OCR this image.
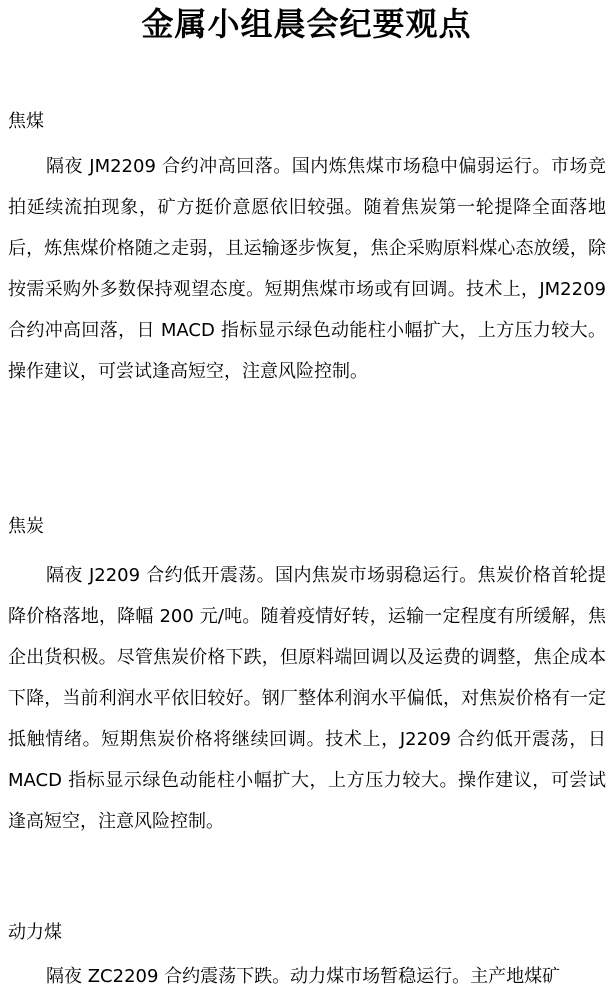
金属小组晨会纪要观点
焦煤

隔夜 JM2209 合约冲高回落。国内炼焦煤市场稳中偏弱运行。市场竞拍延续流拍现象，矿方挺价意愿依旧较强。随着焦炭第一轮提降全面落地后，炼焦煤价格随之走弱，且运输逐步恢复，焦企采购原料煤心态放缓，除按需采购外多数保持观望态度。短期焦煤市场或有回调。技术上，JM2209 合约冲高回落，日 MACD 指标显示绿色动能柱小幅扩大，上方压力较大。操作建议，可尝试逢高短空，注意风险控制。

焦炭

隔夜 J2209 合约低开震荡。国内焦炭市场弱稳运行。焦炭价格首轮提降价格落地，降幅 200 元/吨。随着疫情好转，运输一定程度有所缓解，焦企出货积极。尽管焦炭价格下跌，但原料端回调以及运费的调整，焦企成本下降，当前利润水平依旧较好。钢厂整体利润水平偏低，对焦炭价格有一定抵触情绪。短期焦炭价格将继续回调。技术上，J2209 合约低开震荡，日 MACD 指标显示绿色动能柱小幅扩大，上方压力较大。操作建议，可尝试逢高短空，注意风险控制。

动力煤

隔夜 ZC2209 合约震荡下跌。动力煤市场暂稳运行。主产地煤矿
